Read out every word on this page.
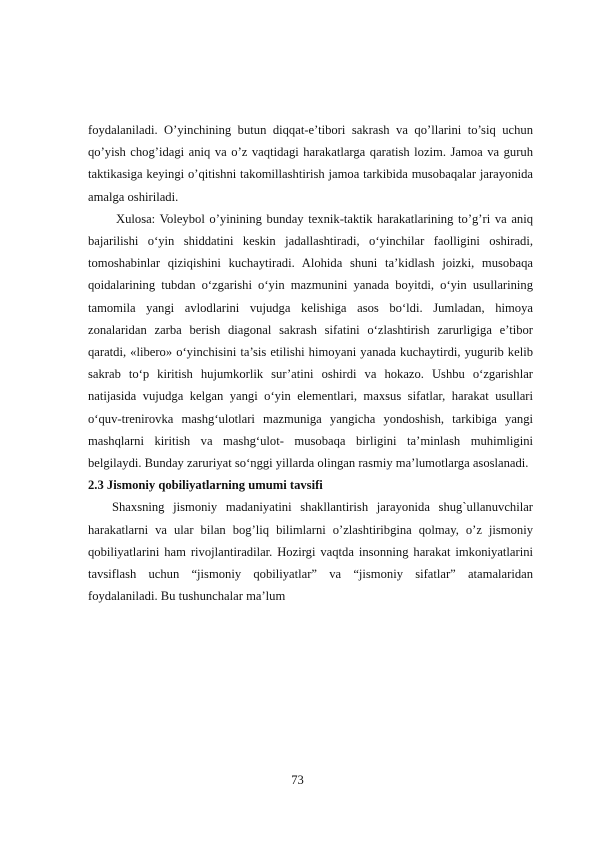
foydalaniladi. O’yinchining butun diqqat-e’tibori sakrash va qo’llarini to’siq uchun qo’yish chog’idagi aniq va o’z vaqtidagi harakatlarga qaratish lozim. Jamoa va guruh taktikasiga keyingi o’qitishni takomillashtirish jamoa tarkibida musobaqalar jarayonida amalga oshiriladi.

Xulosa: Voleybol o’yinining bunday texnik-taktik harakatlarining to’g’ri va aniq bajarilishi o‘yin shiddatini keskin jadallashtiradi, o‘yinchilar faolligini oshiradi, tomoshabinlar qiziqishini kuchaytiradi. Alohida shuni ta’kidlash joizki, musobaqa qoidalarining tubdan o‘zgarishi o‘yin mazmunini yanada boyitdi, o‘yin usullarining tamomila yangi avlodlarini vujudga kelishiga asos bo‘ldi. Jumladan, himoya zonalaridan zarba berish diagonal sakrash sifatini o‘zlashtirish zarurligiga e’tibor qaratdi, «libero» o‘yinchisini ta’sis etilishi himoyani yanada kuchaytirdi, yugurib kelib sakrab to‘p kiritish hujumkorlik sur’atini oshirdi va hokazo. Ushbu o‘zgarishlar natijasida vujudga kelgan yangi o‘yin elementlari, maxsus sifatlar, harakat usullari o‘quv-trenirovka mashg‘ulotlari mazmuniga yangicha yondoshish, tarkibiga yangi mashqlarni kiritish va mashg‘ulot- musobaqa birligini ta’minlash muhimligini belgilaydi. Bunday zaruriyat so‘nggi yillarda olingan rasmiy ma’lumotlarga asoslanadi.

2.3 Jismoniy qobiliyatlarning umumi tavsifi

Shaxsning jismoniy madaniyatini shakllantirish jarayonida shug`ullanuvchilar harakatlarni va ular bilan bog’liq bilimlarni o’zlashtiribgina qolmay, o’z jismoniy qobiliyatlarini ham rivojlantiradilar. Hozirgi vaqtda insonning harakat imkoniyatlarini tavsiflash uchun “jismoniy qobiliyatlar” va “jismoniy sifatlar” atamalaridan foydalaniladi. Bu tushunchalar ma’lum

73
